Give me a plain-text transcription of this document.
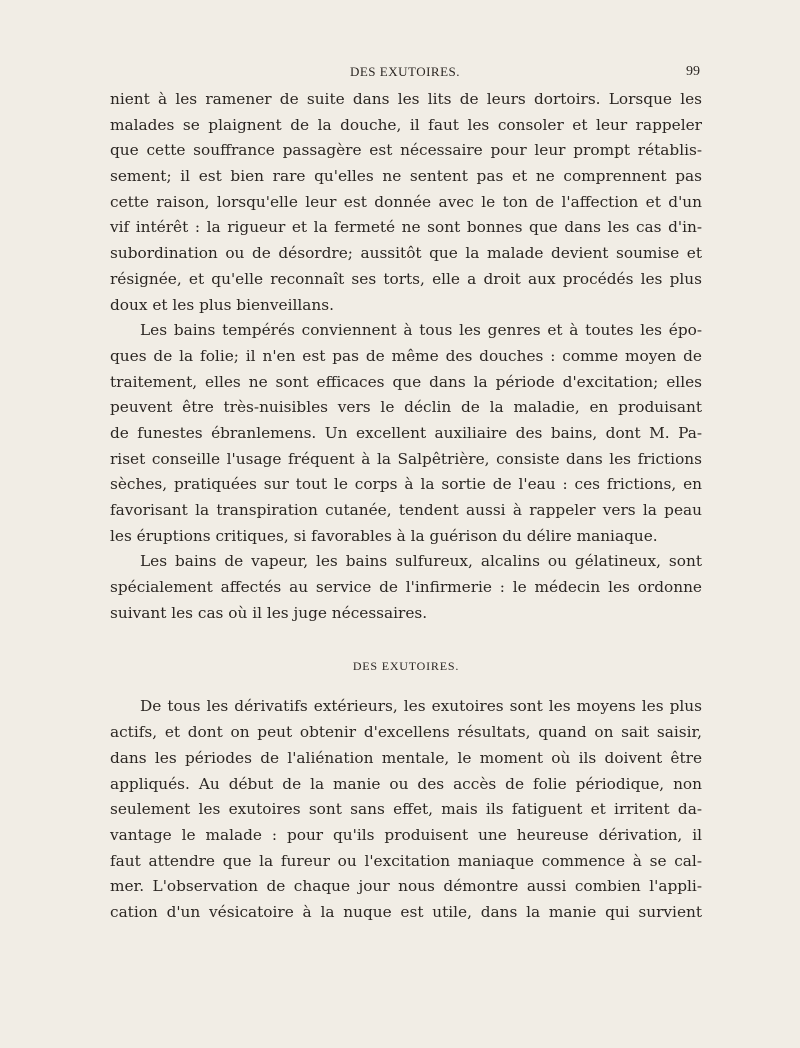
DES EXUTOIRES.	99
nient à les ramener de suite dans les lits de leurs dortoirs. Lorsque les
malades se plaignent de la douche, il faut les consoler et leur rappeler
que cette souffrance passagère est nécessaire pour leur prompt rétablis-
sement; il est bien rare qu'elles ne sentent pas et ne comprennent pas
cette raison, lorsqu'elle leur est donnée avec le ton de l'affection et d'un
vif intérêt : la rigueur et la fermeté ne sont bonnes que dans les cas d'in-
subordination ou de désordre; aussitôt que la malade devient soumise et
résignée, et qu'elle reconnaît ses torts, elle a droit aux procédés les plus
doux et les plus bienveillans.
Les bains tempérés conviennent à tous les genres et à toutes les épo-
ques de la folie; il n'en est pas de même des douches : comme moyen de
traitement, elles ne sont efficaces que dans la période d'excitation; elles
peuvent être très-nuisibles vers le déclin de la maladie, en produisant
de funestes ébranlemens. Un excellent auxiliaire des bains, dont M. Pa-
riset conseille l'usage fréquent à la Salpêtrière, consiste dans les frictions
sèches, pratiquées sur tout le corps à la sortie de l'eau : ces frictions, en
favorisant la transpiration cutanée, tendent aussi à rappeler vers la peau
les éruptions critiques, si favorables à la guérison du délire maniaque.
Les bains de vapeur, les bains sulfureux, alcalins ou gélatineux, sont
spécialement affectés au service de l'infirmerie : le médecin les ordonne
suivant les cas où il les juge nécessaires.
DES EXUTOIRES.
De tous les dérivatifs extérieurs, les exutoires sont les moyens les plus
actifs, et dont on peut obtenir d'excellens résultats, quand on sait saisir,
dans les périodes de l'aliénation mentale, le moment où ils doivent être
appliqués. Au début de la manie ou des accès de folie périodique, non
seulement les exutoires sont sans effet, mais ils fatiguent et irritent da-
vantage le malade : pour qu'ils produisent une heureuse dérivation, il
faut attendre que la fureur ou l'excitation maniaque commence à se cal-
mer. L'observation de chaque jour nous démontre aussi combien l'appli-
cation d'un vésicatoire à la nuque est utile, dans la manie qui survient
